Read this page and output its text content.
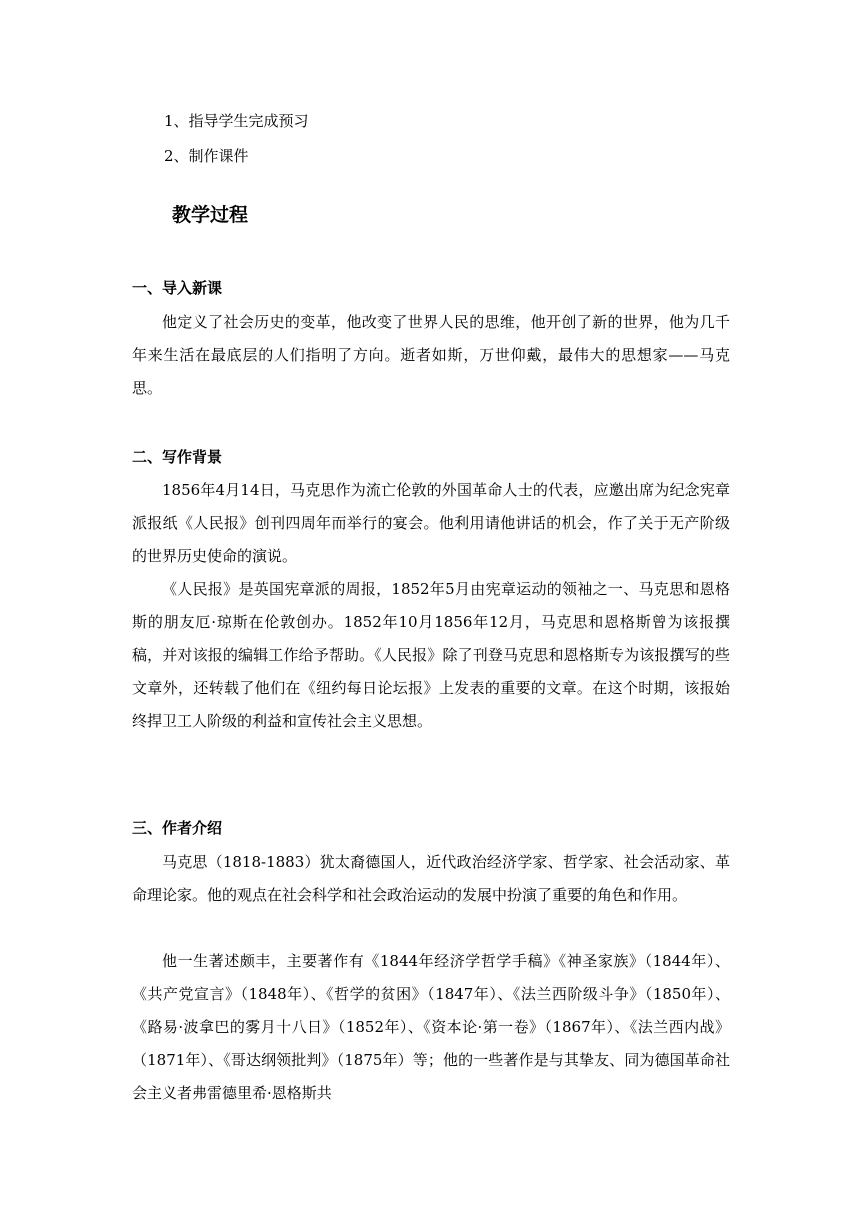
1、指导学生完成预习
2、制作课件
教学过程
一、导入新课

他定义了社会历史的变革，他改变了世界人民的思维，他开创了新的世界，他为几千年来生活在最底层的人们指明了方向。逝者如斯，万世仰戴，最伟大的思想家——马克思。

二、写作背景

1856年4月14日，马克思作为流亡伦敦的外国革命人士的代表，应邀出席为纪念宪章派报纸《人民报》创刊四周年而举行的宴会。他利用请他讲话的机会，作了关于无产阶级的世界历史使命的演说。

《人民报》是英国宪章派的周报，1852年5月由宪章运动的领袖之一、马克思和恩格斯的朋友厄·琼斯在伦敦创办。1852年10月1856年12月，马克思和恩格斯曾为该报撰稿，并对该报的编辑工作给予帮助。《人民报》除了刊登马克思和恩格斯专为该报撰写的些文章外，还转载了他们在《纽约每日论坛报》上发表的重要的文章。在这个时期，该报始终捍卫工人阶级的利益和宣传社会主义思想。

三、作者介绍

马克思（1818-1883）犹太裔德国人，近代政治经济学家、哲学家、社会活动家、革命理论家。他的观点在社会科学和社会政治运动的发展中扮演了重要的角色和作用。

他一生著述颇丰，主要著作有《1844年经济学哲学手稿》《神圣家族》（1844年）、《共产党宣言》（1848年）、《哲学的贫困》（1847年）、《法兰西阶级斗争》（1850年）、《路易·波拿巴的雾月十八日》（1852年）、《资本论·第一卷》（1867年）、《法兰西内战》（1871年）、《哥达纲领批判》（1875年）等；他的一些著作是与其挚友、同为德国革命社会主义者弗雷德里希·恩格斯共
